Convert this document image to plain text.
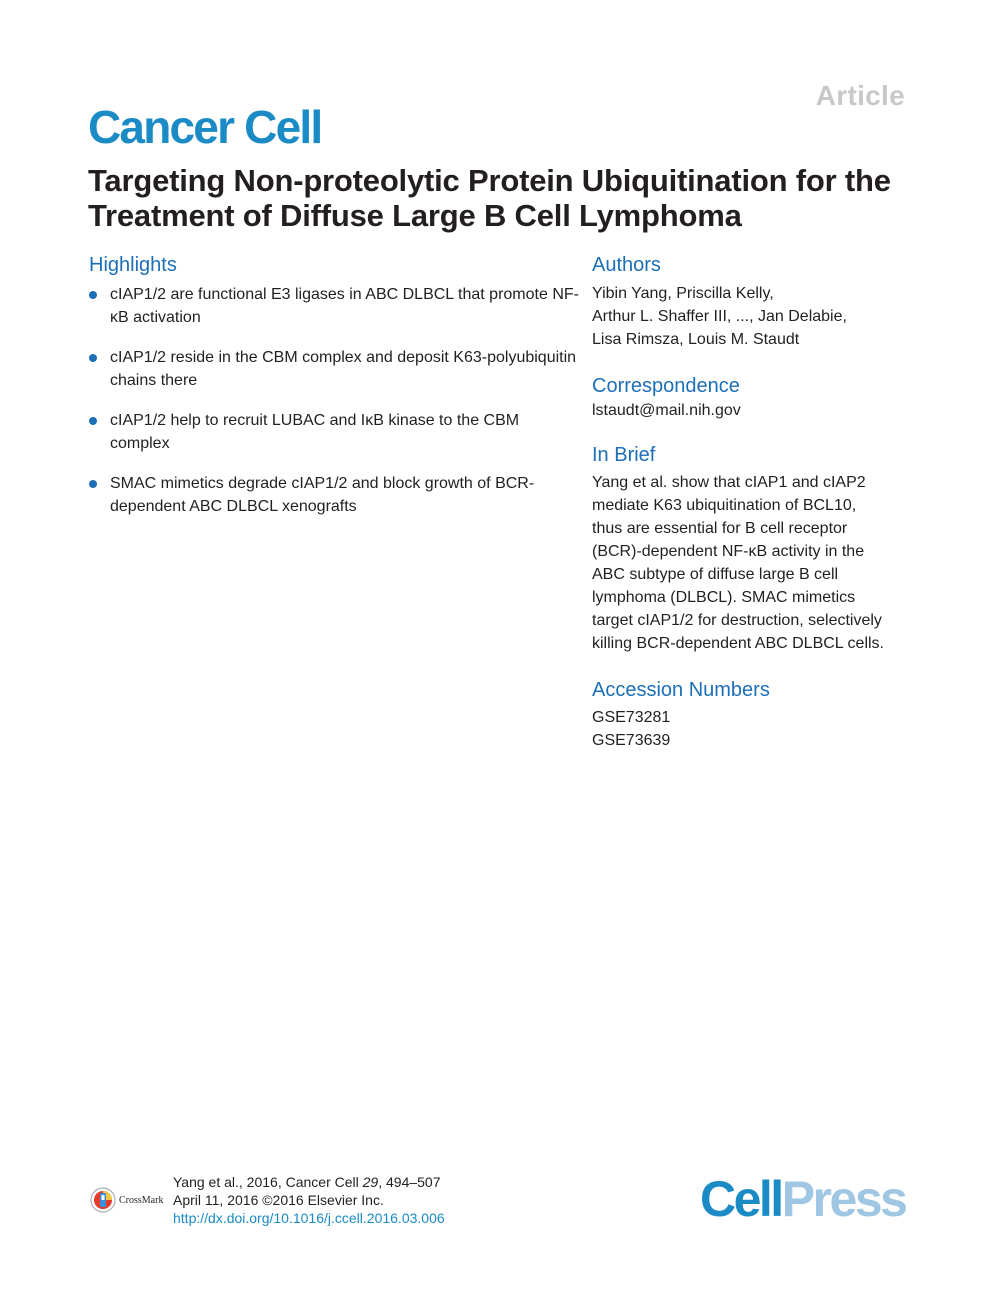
Article
Cancer Cell
Targeting Non-proteolytic Protein Ubiquitination for the Treatment of Diffuse Large B Cell Lymphoma
Highlights
cIAP1/2 are functional E3 ligases in ABC DLBCL that promote NF-κB activation
cIAP1/2 reside in the CBM complex and deposit K63-polyubiquitin chains there
cIAP1/2 help to recruit LUBAC and IκB kinase to the CBM complex
SMAC mimetics degrade cIAP1/2 and block growth of BCR-dependent ABC DLBCL xenografts
Authors
Yibin Yang, Priscilla Kelly,
Arthur L. Shaffer III, ..., Jan Delabie,
Lisa Rimsza, Louis M. Staudt
Correspondence
lstaudt@mail.nih.gov
In Brief
Yang et al. show that cIAP1 and cIAP2
mediate K63 ubiquitination of BCL10,
thus are essential for B cell receptor
(BCR)-dependent NF-κB activity in the
ABC subtype of diffuse large B cell
lymphoma (DLBCL). SMAC mimetics
target cIAP1/2 for destruction, selectively
killing BCR-dependent ABC DLBCL cells.
Accession Numbers
GSE73281
GSE73639
CrossMark
Yang et al., 2016, Cancer Cell 29, 494–507
April 11, 2016 ©2016 Elsevier Inc.
http://dx.doi.org/10.1016/j.ccell.2016.03.006	CellPress
